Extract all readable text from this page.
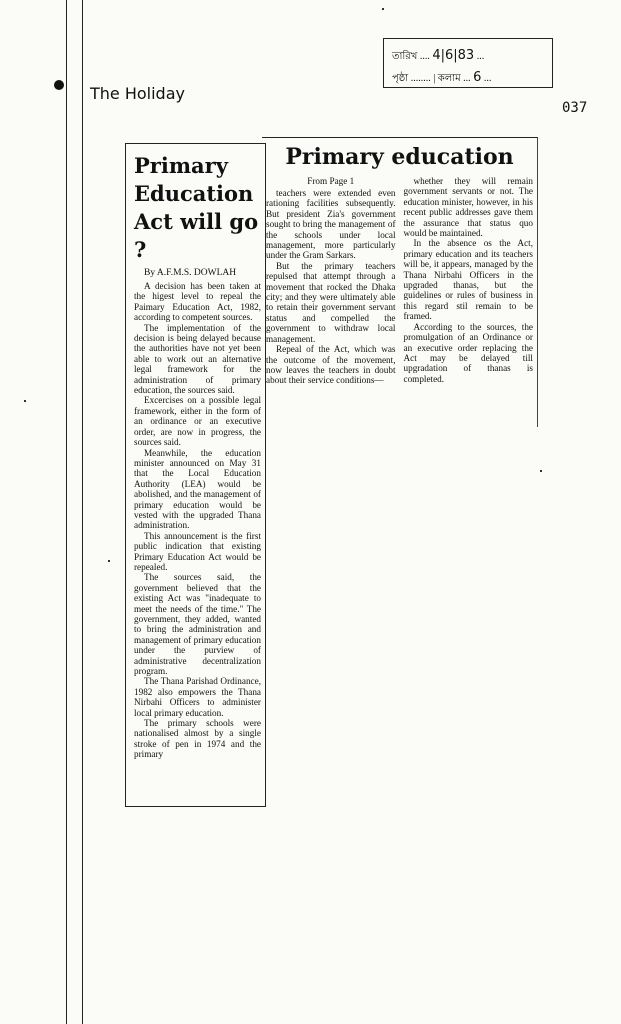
The Holiday
তারিখ .... 4|6|83 ...
পৃষ্ঠা ........ | কলাম ... 6 ...
037
Primary Education Act will go ?
By A.F.M.S. DOWLAH

A decision has been taken at the higest level to repeal the Paimary Education Act, 1982, according to competent sources.

The implementation of the decision is being delayed because the authorities have not yet been able to work out an alternative legal framework for the administration of primary education, the sources said.

Excercises on a possible legal framework, either in the form of an ordinance or an executive order, are now in progress, the sources said.

Meanwhile, the education minister announced on May 31 that the Local Education Authority (LEA) would be abolished, and the management of primary education would be vested with the upgraded Thana administration.

This announcement is the first public indication that existing Primary Education Act would be repealed.

The sources said, the government believed that the existing Act was "inadequate to meet the needs of the time." The government, they added, wanted to bring the administration and management of primary education under the purview of administrative decentralization program.

The Thana Parishad Ordinance, 1982 also empowers the Thana Nirbahi Officers to administer local primary education.

The primary schools were nationalised almost by a single stroke of pen in 1974 and the primary

Primary education
From Page 1

teachers were extended even rationing facilities subsequently. But president Zia's government sought to bring the management of the schools under local management, more particularly under the Gram Sarkars.

But the primary teachers repulsed that attempt through a movement that rocked the Dhaka city; and they were ultimately able to retain their government servant status and compelled the government to withdraw local management.

Repeal of the Act, which was the outcome of the movement, now leaves the teachers in doubt about their service conditions—

whether they will remain government servants or not. The education minister, however, in his recent public addresses gave them the assurance that status quo would be maintained.

In the absence os the Act, primary education and its teachers will be, it appears, managed by the Thana Nirbahi Officers in the upgraded thanas, but the guidelines or rules of business in this regard stil remain to be framed.

According to the sources, the promulgation of an Ordinance or an executive order replacing the Act may be delayed till upgradation of thanas is completed.
